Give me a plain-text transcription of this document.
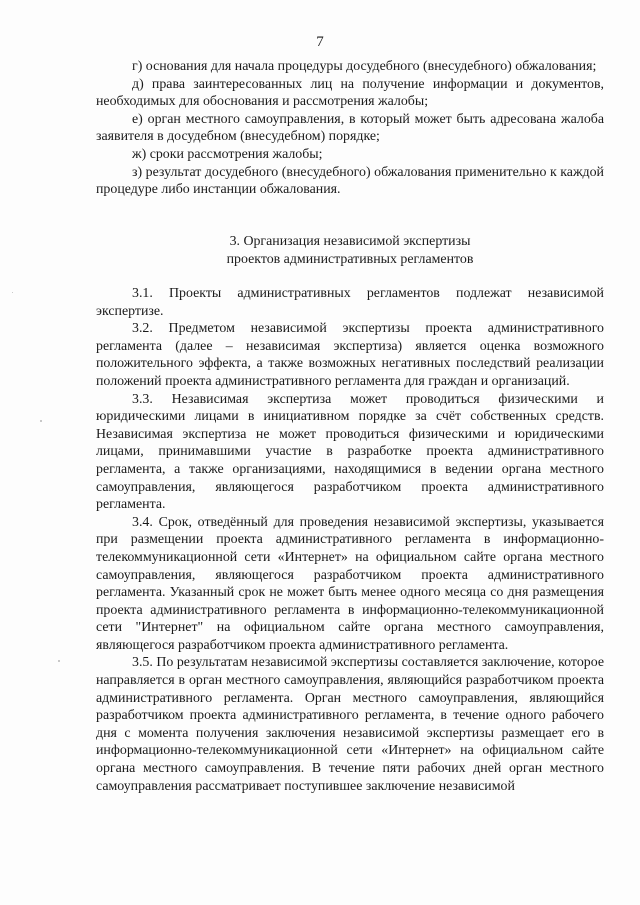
7

г) основания для начала процедуры досудебного (внесудебного) обжалования;

д) права заинтересованных лиц на получение информации и документов, необходимых для обоснования и рассмотрения жалобы;

е) орган местного самоуправления, в который может быть адресована жалоба заявителя в досудебном (внесудебном) порядке;

ж) сроки рассмотрения жалобы;

з) результат досудебного (внесудебного) обжалования применительно к каждой процедуре либо инстанции обжалования.

3. Организация независимой экспертизы
проектов административных регламентов

3.1. Проекты административных регламентов подлежат независимой экспертизе.

3.2. Предметом независимой экспертизы проекта административного регламента (далее – независимая экспертиза) является оценка возможного положительного эффекта, а также возможных негативных последствий реализации положений проекта административного регламента для граждан и организаций.

3.3. Независимая экспертиза может проводиться физическими и юридическими лицами в инициативном порядке за счёт собственных средств. Независимая экспертиза не может проводиться физическими и юридическими лицами, принимавшими участие в разработке проекта административного регламента, а также организациями, находящимися в ведении органа местного самоуправления, являющегося разработчиком проекта административного регламента.

3.4. Срок, отведённый для проведения независимой экспертизы, указывается при размещении проекта административного регламента в информационно-телекоммуникационной сети «Интернет» на официальном сайте органа местного самоуправления, являющегося разработчиком проекта административного регламента. Указанный срок не может быть менее одного месяца со дня размещения проекта административного регламента в информационно-телекоммуникационной сети "Интернет" на официальном сайте органа местного самоуправления, являющегося разработчиком проекта административного регламента.

3.5. По результатам независимой экспертизы составляется заключение, которое направляется в орган местного самоуправления, являющийся разработчиком проекта административного регламента. Орган местного самоуправления, являющийся разработчиком проекта административного регламента, в течение одного рабочего дня с момента получения заключения независимой экспертизы размещает его в информационно-телекоммуникационной сети «Интернет» на официальном сайте органа местного самоуправления. В течение пяти рабочих дней орган местного самоуправления рассматривает поступившее заключение независимой
